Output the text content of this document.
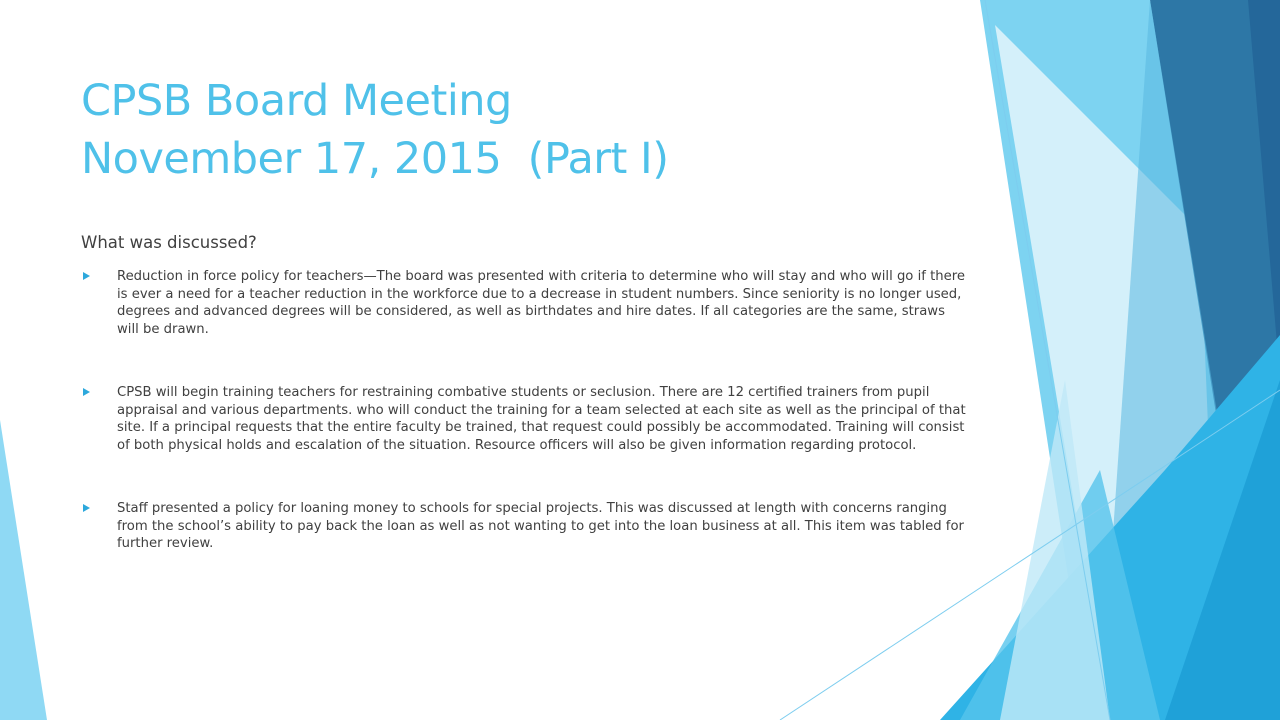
CPSB Board Meeting
November 17, 2015  (Part I)
What was discussed?
Reduction in force policy for teachers—The board was presented with criteria to determine who will stay and who will go if there is ever a need for a teacher reduction in the workforce due to a decrease in student numbers. Since seniority is no longer used, degrees and advanced degrees will be considered, as well as birthdates and hire dates. If all categories are the same, straws will be drawn.
CPSB will begin training teachers for restraining combative students or seclusion. There are 12 certified trainers from pupil appraisal and various departments. who will conduct the training for a team selected at each site as well as the principal of that site. If a principal requests that the entire faculty be trained, that request could possibly be accommodated. Training will consist of both physical holds and escalation of the situation. Resource officers will also be given information regarding protocol.
Staff presented a policy for loaning money to schools for special projects. This was discussed at length with concerns ranging from the school’s ability to pay back the loan as well as not wanting to get into the loan business at all. This item was tabled for further review.
